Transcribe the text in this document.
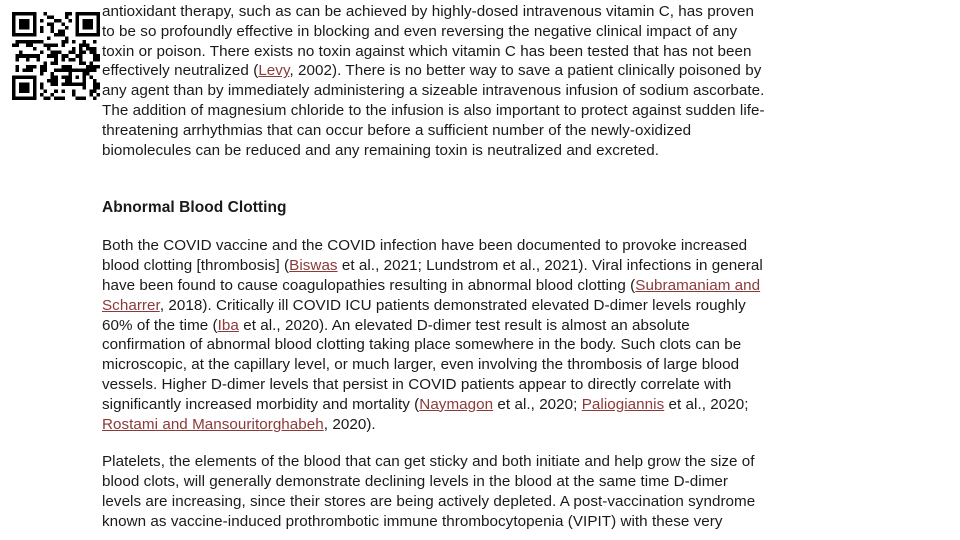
antioxidant therapy, such as can be achieved by highly-dosed intravenous vitamin C, has proven
to be so profoundly effective in blocking and even reversing the negative clinical impact of any
toxin or poison. There exists no toxin against which vitamin C has been tested that has not been
effectively neutralized (Levy, 2002). There is no better way to save a patient clinically poisoned by
any agent than by immediately administering a sizeable intravenous infusion of sodium ascorbate.
The addition of magnesium chloride to the infusion is also important to protect against sudden life-
threatening arrhythmias that can occur before a sufficient number of the newly-oxidized
biomolecules can be reduced and any remaining toxin is neutralized and excreted.

Abnormal Blood Clotting

Both the COVID vaccine and the COVID infection have been documented to provoke increased
blood clotting [thrombosis] (Biswas et al., 2021; Lundstrom et al., 2021). Viral infections in general
have been found to cause coagulopathies resulting in abnormal blood clotting (Subramaniam and
Scharrer, 2018). Critically ill COVID ICU patients demonstrated elevated D-dimer levels roughly
60% of the time (Iba et al., 2020). An elevated D-dimer test result is almost an absolute
confirmation of abnormal blood clotting taking place somewhere in the body. Such clots can be
microscopic, at the capillary level, or much larger, even involving the thrombosis of large blood
vessels. Higher D-dimer levels that persist in COVID patients appear to directly correlate with
significantly increased morbidity and mortality (Naymagon et al., 2020; Paliogiannis et al., 2020;
Rostami and Mansouritorghabeh, 2020).

Platelets, the elements of the blood that can get sticky and both initiate and help grow the size of
blood clots, will generally demonstrate declining levels in the blood at the same time D-dimer
levels are increasing, since their stores are being actively depleted. A post-vaccination syndrome
known as vaccine-induced prothrombotic immune thrombocytopenia (VIPIT) with these very
